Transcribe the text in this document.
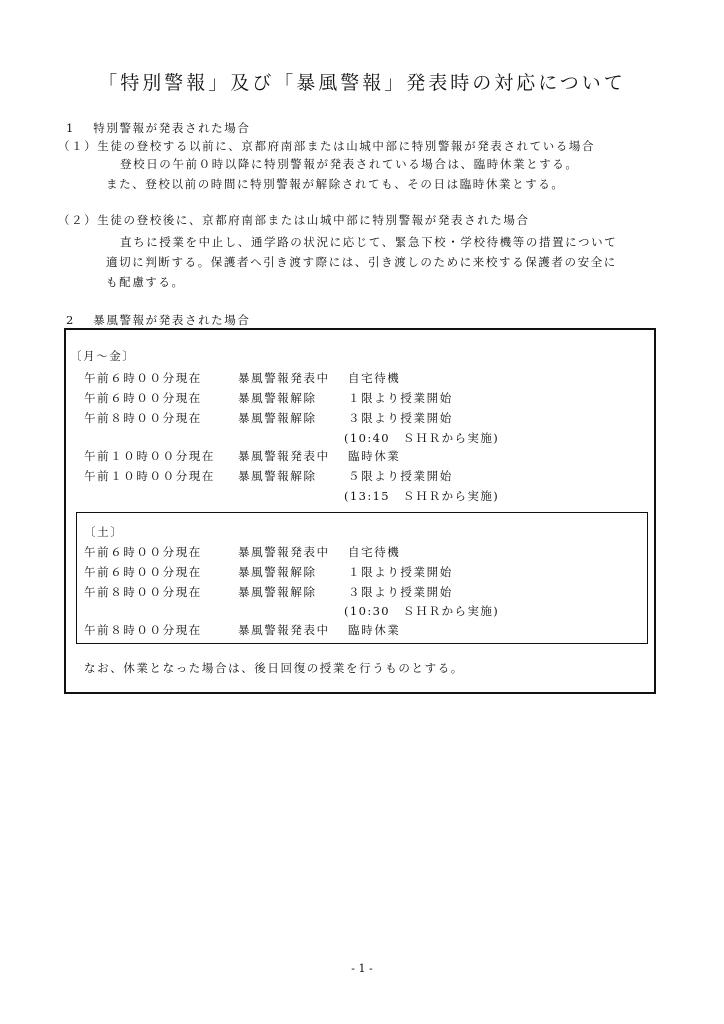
「特別警報」及び「暴風警報」発表時の対応について
1　 特別警報が発表された場合
（１）生徒の登校する以前に、京都府南部または山城中部に特別警報が発表されている場合
登校日の午前０時以降に特別警報が発表されている場合は、臨時休業とする。
また、登校以前の時間に特別警報が解除されても、その日は臨時休業とする。
（２）生徒の登校後に、京都府南部または山城中部に特別警報が発表された場合
直ちに授業を中止し、通学路の状況に応じて、緊急下校・学校待機等の措置について
適切に判断する。保護者へ引き渡す際には、引き渡しのために来校する保護者の安全に
も配慮する。
2　 暴風警報が発表された場合
〔月～金〕
午前６時００分現在	暴風警報発表中 自宅待機
午前６時００分現在	暴風警報解除	１限より授業開始
午前８時００分現在	暴風警報解除	３限より授業開始
(10:40　ＳＨＲから実施)
午前１０時００分現在 暴風警報発表中 臨時休業
午前１０時００分現在 暴風警報解除	５限より授業開始
(13:15　ＳＨＲから実施)
〔土〕
午前６時００分現在	暴風警報発表中 自宅待機
午前６時００分現在	暴風警報解除	１限より授業開始
午前８時００分現在	暴風警報解除	３限より授業開始
(10:30　ＳＨＲから実施)
午前８時００分現在	暴風警報発表中 臨時休業
なお、休業となった場合は、後日回復の授業を行うものとする。
- 1 -
